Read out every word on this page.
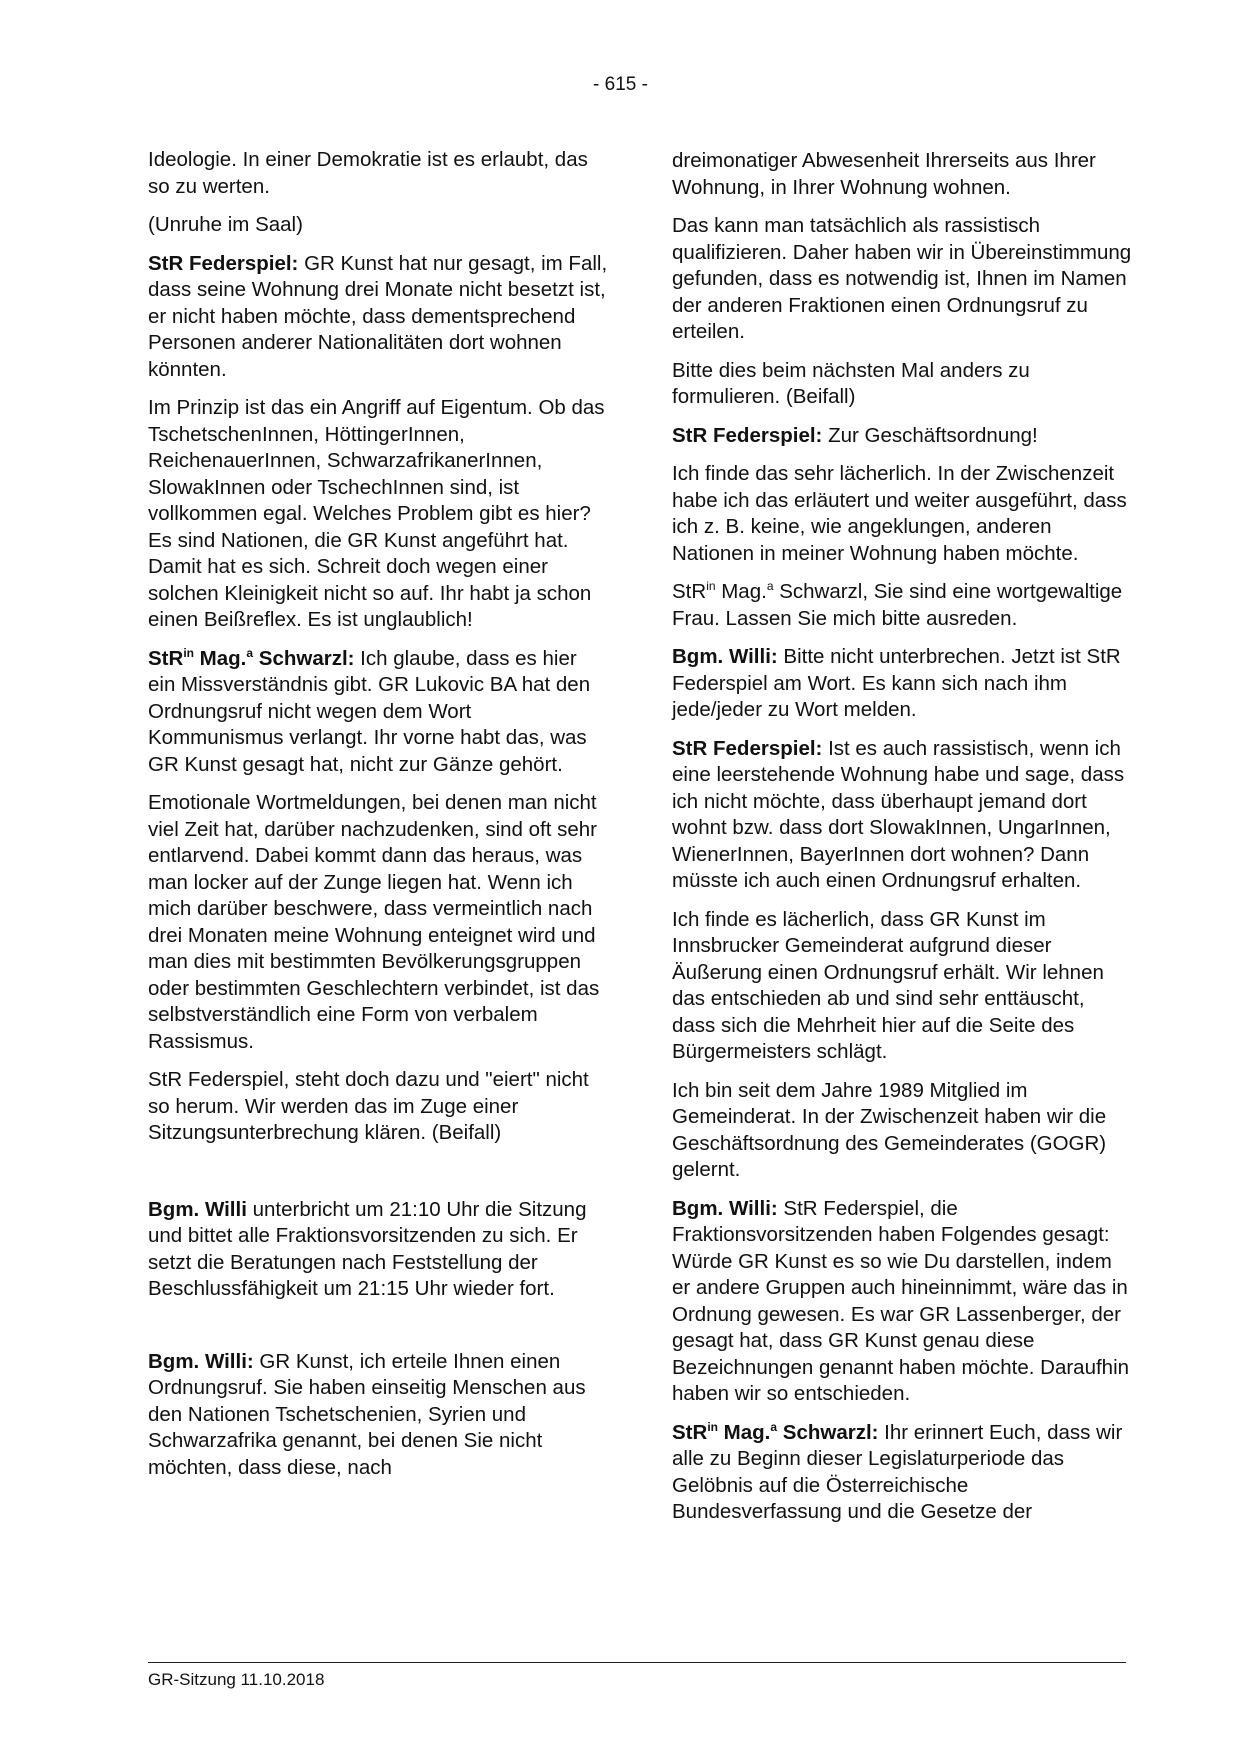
- 615 -

Ideologie. In einer Demokratie ist es erlaubt, das so zu werten.

(Unruhe im Saal)

StR Federspiel: GR Kunst hat nur gesagt, im Fall, dass seine Wohnung drei Monate nicht besetzt ist, er nicht haben möchte, dass dementsprechend Personen anderer Nationalitäten dort wohnen könnten.

Im Prinzip ist das ein Angriff auf Eigentum. Ob das TschetschenInnen, HöttingerInnen, ReichenauerInnen, SchwarzafrikanerInnen, SlowakInnen oder TschechInnen sind, ist vollkommen egal. Welches Problem gibt es hier? Es sind Nationen, die GR Kunst angeführt hat. Damit hat es sich. Schreit doch wegen einer solchen Kleinigkeit nicht so auf. Ihr habt ja schon einen Beißreflex. Es ist unglaublich!

StR$^{in}$ Mag.$^a$ Schwarzl: Ich glaube, dass es hier ein Missverständnis gibt. GR Lukovic BA hat den Ordnungsruf nicht wegen dem Wort Kommunismus verlangt. Ihr vorne habt das, was GR Kunst gesagt hat, nicht zur Gänze gehört.

Emotionale Wortmeldungen, bei denen man nicht viel Zeit hat, darüber nachzudenken, sind oft sehr entlarvend. Dabei kommt dann das heraus, was man locker auf der Zunge liegen hat. Wenn ich mich darüber beschwere, dass vermeintlich nach drei Monaten meine Wohnung enteignet wird und man dies mit bestimmten Bevölkerungsgruppen oder bestimmten Geschlechtern verbindet, ist das selbstverständlich eine Form von verbalem Rassismus.

StR Federspiel, steht doch dazu und "eiert" nicht so herum. Wir werden das im Zuge einer Sitzungsunterbrechung klären. (Beifall)

Bgm. Willi unterbricht um 21:10 Uhr die Sitzung und bittet alle Fraktionsvorsitzenden zu sich. Er setzt die Beratungen nach Feststellung der Beschlussfähigkeit um 21:15 Uhr wieder fort.

Bgm. Willi: GR Kunst, ich erteile Ihnen einen Ordnungsruf. Sie haben einseitig Menschen aus den Nationen Tschetschenien, Syrien und Schwarzafrika genannt, bei denen Sie nicht möchten, dass diese, nach

dreimonatiger Abwesenheit Ihrerseits aus Ihrer Wohnung, in Ihrer Wohnung wohnen.

Das kann man tatsächlich als rassistisch qualifizieren. Daher haben wir in Übereinstimmung gefunden, dass es notwendig ist, Ihnen im Namen der anderen Fraktionen einen Ordnungsruf zu erteilen.

Bitte dies beim nächsten Mal anders zu formulieren. (Beifall)

StR Federspiel: Zur Geschäftsordnung!

Ich finde das sehr lächerlich. In der Zwischenzeit habe ich das erläutert und weiter ausgeführt, dass ich z. B. keine, wie angeklungen, anderen Nationen in meiner Wohnung haben möchte.

StR$^{in}$ Mag.$^a$ Schwarzl, Sie sind eine wortgewaltige Frau. Lassen Sie mich bitte ausreden.

Bgm. Willi: Bitte nicht unterbrechen. Jetzt ist StR Federspiel am Wort. Es kann sich nach ihm jede/jeder zu Wort melden.

StR Federspiel: Ist es auch rassistisch, wenn ich eine leerstehende Wohnung habe und sage, dass ich nicht möchte, dass überhaupt jemand dort wohnt bzw. dass dort SlowakInnen, UngarInnen, WienerInnen, BayerInnen dort wohnen? Dann müsste ich auch einen Ordnungsruf erhalten.

Ich finde es lächerlich, dass GR Kunst im Innsbrucker Gemeinderat aufgrund dieser Äußerung einen Ordnungsruf erhält. Wir lehnen das entschieden ab und sind sehr enttäuscht, dass sich die Mehrheit hier auf die Seite des Bürgermeisters schlägt.

Ich bin seit dem Jahre 1989 Mitglied im Gemeinderat. In der Zwischenzeit haben wir die Geschäftsordnung des Gemeinderates (GOGR) gelernt.

Bgm. Willi: StR Federspiel, die Fraktionsvorsitzenden haben Folgendes gesagt: Würde GR Kunst es so wie Du darstellen, indem er andere Gruppen auch hineinnimmt, wäre das in Ordnung gewesen. Es war GR Lassenberger, der gesagt hat, dass GR Kunst genau diese Bezeichnungen genannt haben möchte. Daraufhin haben wir so entschieden.

StR$^{in}$ Mag.$^a$ Schwarzl: Ihr erinnert Euch, dass wir alle zu Beginn dieser Legislaturperiode das Gelöbnis auf die Österreichische Bundesverfassung und die Gesetze der

GR-Sitzung 11.10.2018
